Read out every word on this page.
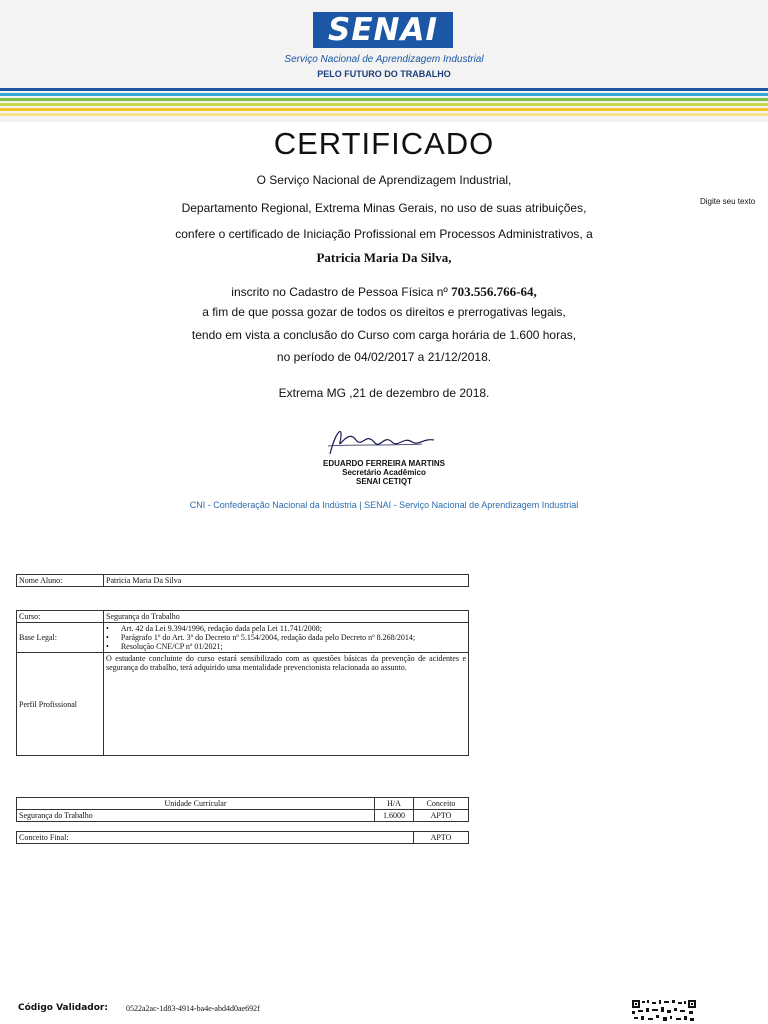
SENAI
Serviço Nacional de Aprendizagem Industrial
PELO FUTURO DO TRABALHO
CERTIFICADO
O Serviço Nacional de Aprendizagem Industrial,
Departamento Regional, Extrema Minas Gerais, no uso de suas atribuições,
confere o certificado de Iniciação Profissional em Processos Administrativos, a
Patricia Maria Da Silva,
inscrito no Cadastro de Pessoa Física nº 703.556.766-64,
a fim de que possa gozar de todos os direitos e prerrogativas legais,
tendo em vista a conclusão do Curso com carga horária de 1.600 horas,
no período de 04/02/2017 a 21/12/2018.
Extrema MG ,21 de dezembro de 2018.
Digite seu texto
EDUARDO FERREIRA MARTINS
Secretário Acadêmico
SENAI CETIQT
CNI - Confederação Nacional da Indústria | SENAI - Serviço Nacional de Aprendizagem Industrial
Nome Aluno:	Patricia Maria Da Silva
Curso:	Segurança do Trabalho
Base Legal:	•      Art. 42 da Lei 9.394/1996, redação dada pela Lei 11.741/2008;
•      Parágrafo 1º do Art. 3º do Decreto nº 5.154/2004, redação dada pelo Decreto nº 8.268/2014;
•      Resolução CNE/CP nº 01/2021;

Perfil Profissional	O estudante concluinte do curso estará sensibilizado com as questões básicas da prevenção de acidentes e segurança do trabalho, terá adquirido uma mentalidade prevencionista relacionada ao assunto.
Unidade Curricular	H/A	Conceito
Segurança do Trabalho	1.6000	APTO
Conceito Final:	APTO
Código Validador: 0522a2ac-1d83-4914-ba4e-abd4d0ae692f
